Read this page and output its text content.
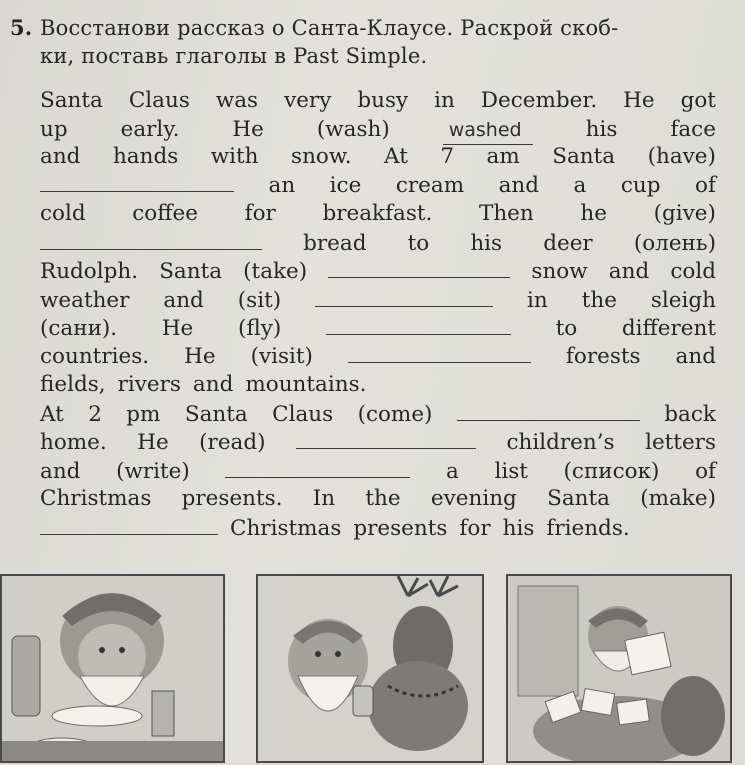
5. Восстанови рассказ о Санта-Клаусе. Раскрой скоб-
ки, поставь глаголы в Past Simple.
Santa Claus was very busy in December. He got
up early. He (wash)	washed	his face
and hands with snow. At 7 am Santa (have)
an ice cream and a cup of
cold coffee for breakfast. Then he (give)
bread to his deer (олень)
Rudolph. Santa (take)	snow and cold
weather and (sit)	in the sleigh
(сани). He (fly)	to different
countries. He (visit)	forests and
fields, rivers and mountains.
At 2 pm Santa Claus (come)	back
home. He (read)	children’s letters
and (write)	a list (список) of
Christmas presents. In the evening Santa (make)
Christmas presents for his friends.
